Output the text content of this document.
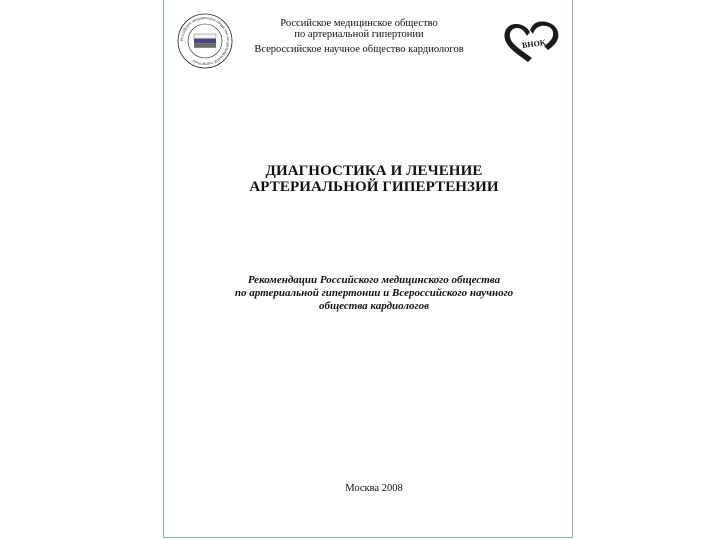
Российское медицинское общество по артериальной гипертонии
Российское медицинское общество
по артериальной гипертонии
Всероссийское научное общество кардиологов	ВНОК
ДИАГНОСТИКА И ЛЕЧЕНИЕ
АРТЕРИАЛЬНОЙ ГИПЕРТЕНЗИИ
Рекомендации Российского медицинского общества
по артериальной гипертонии и Всероссийского научного
общества кардиологов
Москва 2008
